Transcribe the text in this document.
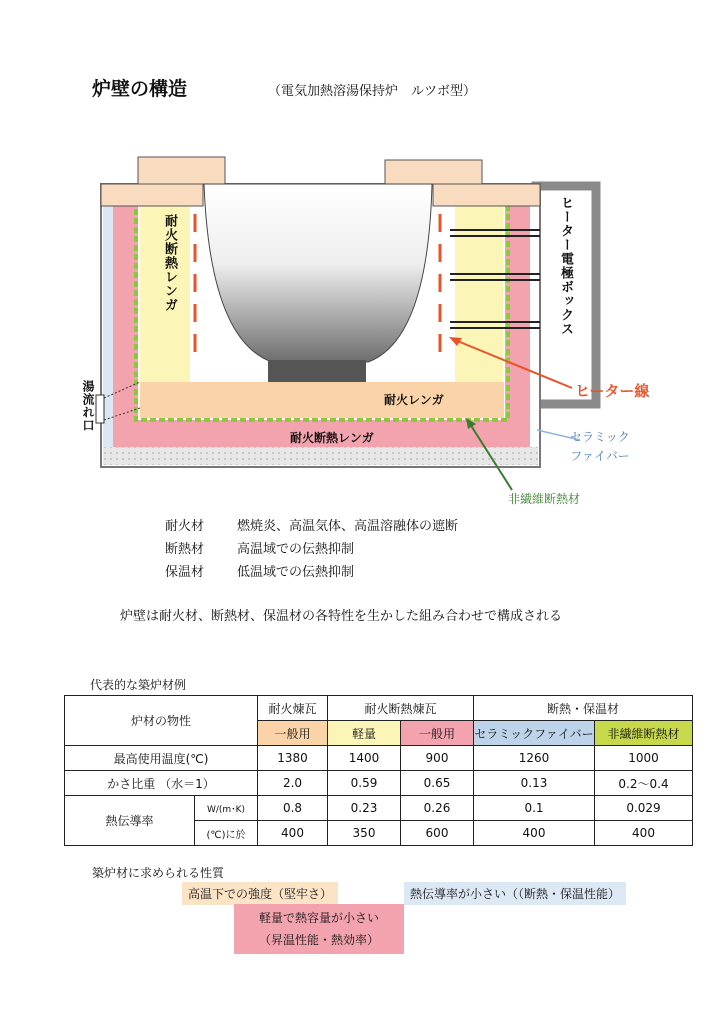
炉壁の構造	（電気加熱溶湯保持炉　ルツボ型）
耐火断熱レンガ	ヒーター電極ボックス
湯流れ口	ヒーター線
耐火レンガ
耐火断熱レンガ	セラミック
ファイバー
非繊維断熱材
耐火材	燃焼炎、高温気体、高温溶融体の遮断
断熱材	高温域での伝熱抑制
保温材	低温域での伝熱抑制
炉壁は耐火材、断熱材、保温材の各特性を生かした組み合わせで構成される
代表的な築炉材例
炉材の物性		耐火煉瓦	耐火断熱煉瓦		断熱・保温材	
		一般用	軽量	一般用	セラミックファイバー	非繊維断熱材
最高使用温度(℃)		1380	1400	900	1260	1000
かさ比重 （水＝1）		2.0	0.59	0.65	0.13	0.2～0.4
熱伝導率	W/(m･K)	0.8	0.23	0.26	0.1	0.029
	(℃)に於	400	350	600	400	400
築炉材に求められる性質
高温下での強度（堅牢さ）	熱伝導率が小さい（（断熱・保温性能）
軽量で熱容量が小さい
（昇温性能・熱効率）
